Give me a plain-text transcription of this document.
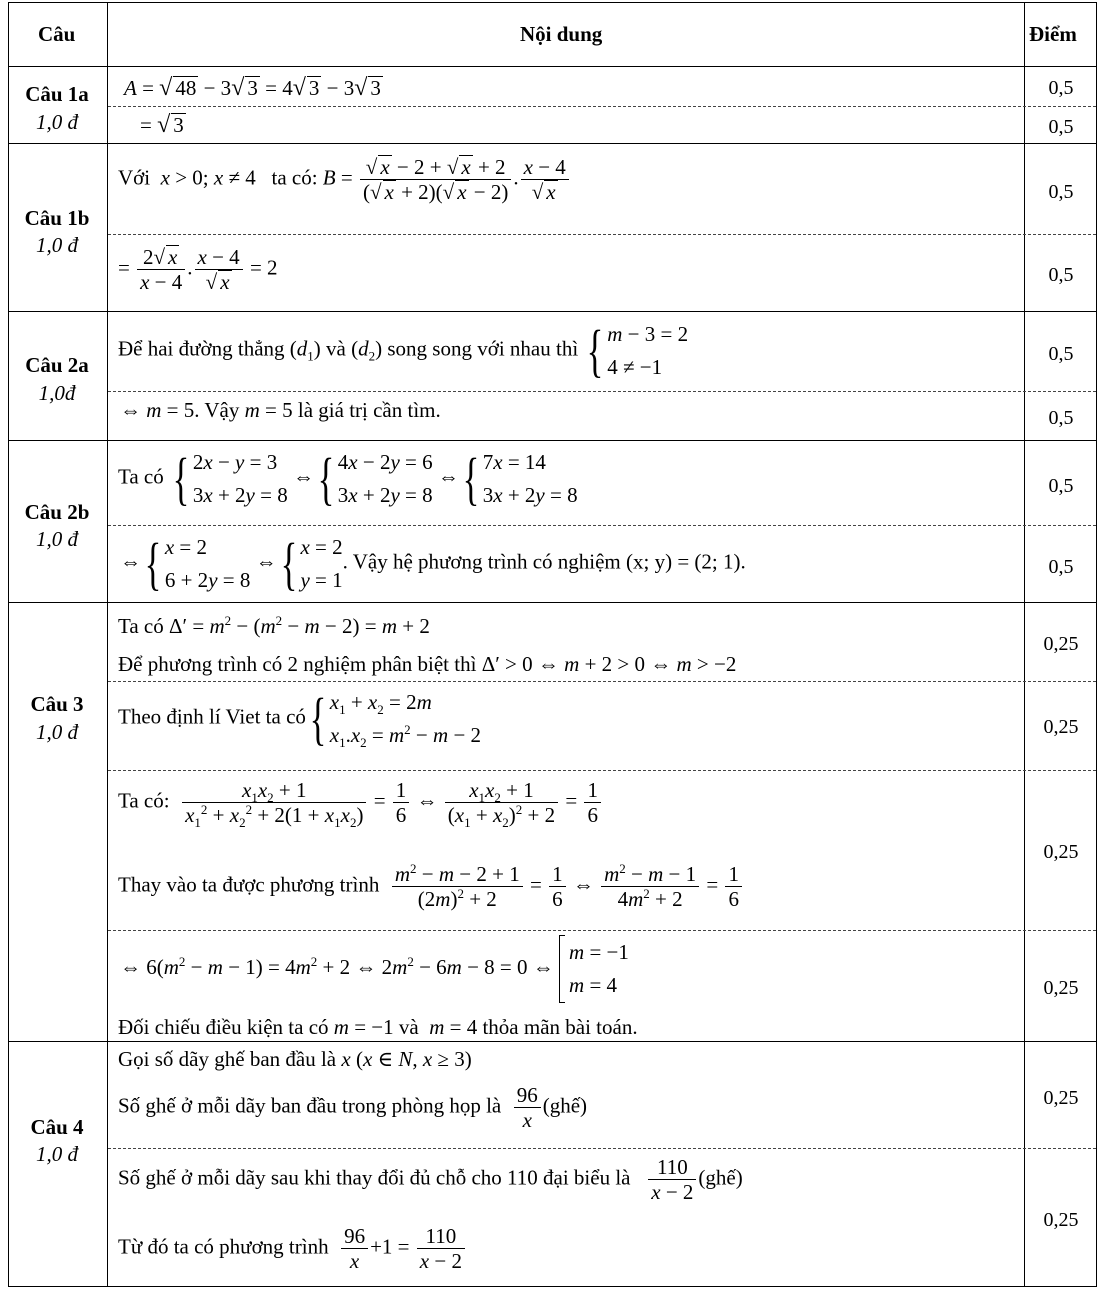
Câu	Nội dung	Điểm
Câu 1a
1,0 đ
Câu 1b
1,0 đ
Câu 2a
1,0đ
Câu 2b
1,0 đ
Câu 3
1,0 đ
Câu 4
1,0 đ
0,5
0,5
0,5
0,5
0,5
0,5
0,5
0,5
0,25
0,25
0,25
0,25
0,25
0,25
A = √ 48 − 3√ 3 = 4√ 3 − 3√ 3
= √ 3
Với x > 0; x ≠ 4   ta có: $B = \frac{√ x - 2 + √ x + 2}{(√ x + 2)(√ x - 2)}$ . $\frac{x - 4}{√ x}$
= $\frac{2√ x}{x - 4}$ . $\frac{x - 4}{√ x} = 2$
Để hai đường thẳng $(d_1)$ và $(d_2)$ song song với nhau thì { m − 3 = 2
4 ≠ −1
⇔ m = 5. Vậy m = 5 là giá trị cần tìm.
Ta có { 2x − y = 3
3x + 2y = 8 ⇔{ 4x − 2y = 6
3x + 2y = 8 ⇔{ 7x = 14
3x + 2y = 8
⇔{ x = 2
6 + 2y = 8 ⇔{ x = 2
y = 1. Vậy hệ phương trình có nghiệm (x; y) = (2; 1).
Ta có $\Delta' = m^2 - (m^2 - m - 2) = m + 2$
Để phương trình có 2 nghiệm phân biệt thì Δ′ > 0 ⇔ m + 2 > 0 ⇔ m > −2
Theo định lí Viet ta có{ $x_1 + x_2 = 2m$
$x_1.x_2 = m^2 - m - 2$
Ta có: $\frac{x_1x_2 + 1}{x_1^2 + x_2^2 + 2(1 + x_1x_2)} = \frac{1}{6}$ ⇔ $\frac{x_1x_2 + 1}{(x_1 + x_2)^2 + 2} = \frac{1}{6}$
Thay vào ta được phương trình $\frac{m^2 - m - 2 + 1}{(2m)^2 + 2} = \frac{1}{6}$ ⇔ $\frac{m^2 - m - 1}{4m^2 + 2} = \frac{1}{6}$
⇔ $6(m^2 - m - 1) = 4m^2 + 2$ ⇔ $2m^2 - 6m - 8 = 0$ ⇔ m = −1
m = 4
Đối chiếu điều kiện ta có m = −1 và m = 4 thỏa mãn bài toán.
Gọi số dãy ghế ban đầu là x (x ∈ N, x ≥ 3)
Số ghế ở mỗi dãy ban đầu trong phòng họp là $\frac{96}{x}$ (ghế)
Số ghế ở mỗi dãy sau khi thay đổi đủ chỗ cho 110 đại biểu là $\frac{110}{x - 2}$ (ghế)
Từ đó ta có phương trình $\frac{96}{x} +1 = \frac{110}{x - 2}$
